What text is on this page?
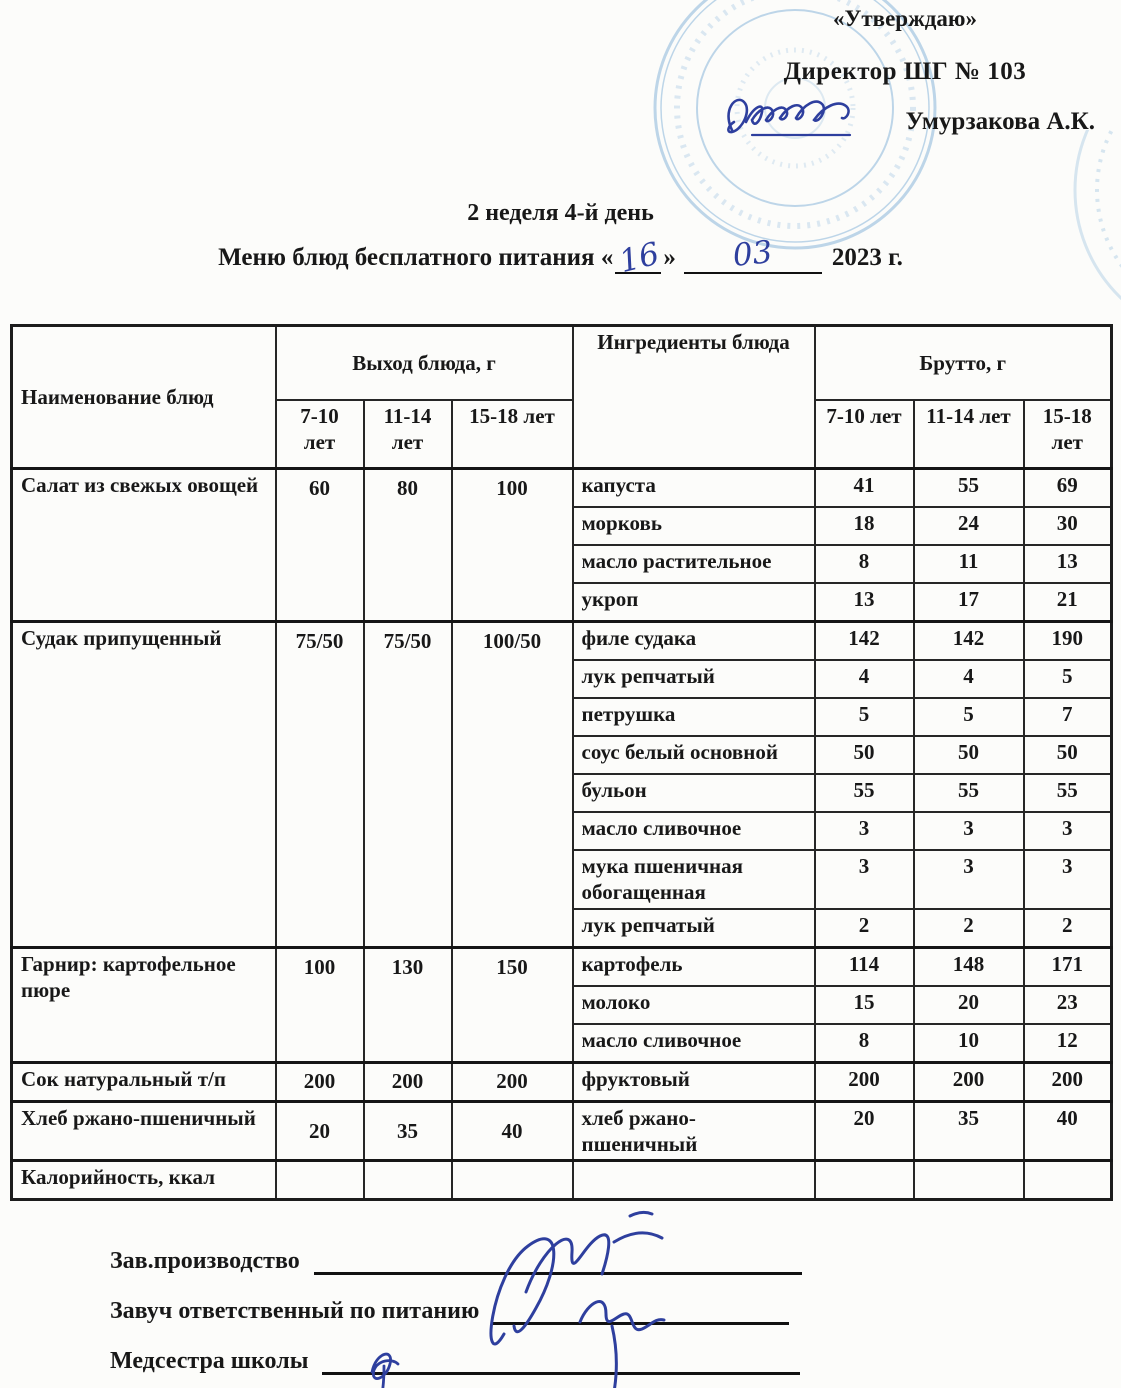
«Утверждаю»
Директор ШГ № 103
Умурзакова А.К.
2 неделя 4-й день
Меню блюд бесплатного питания «16» 03 2023 г.
Наименование блюд	Выход блюда, г			Ингредиенты блюда	Брутто, г		
	7-10 лет	11-14 лет	15-18 лет		7-10 лет	11-14 лет	15-18 лет
Салат из свежых овощей	60	80	100	капуста	41	55	69
				морковь	18	24	30
				масло растительное	8	11	13
				укроп	13	17	21
Судак припущенный	75/50	75/50	100/50	филе судака	142	142	190
				лук репчатый	4	4	5
				петрушка	5	5	7
				соус белый основной	50	50	50
				бульон	55	55	55
				масло сливочное	3	3	3
				мука пшеничная обогащенная	3	3	3
				лук репчатый	2	2	2
Гарнир: картофельное пюре	100	130	150	картофель	114	148	171
				молоко	15	20	23
				масло сливочное	8	10	12
Сок натуральный т/п	200	200	200	фруктовый	200	200	200
Хлеб ржано-пшеничный	20	35	40	хлеб ржано-пшеничный	20	35	40
Калорийность, ккал							
Зав.производство
Завуч ответственный по питанию
Медсестра школы
